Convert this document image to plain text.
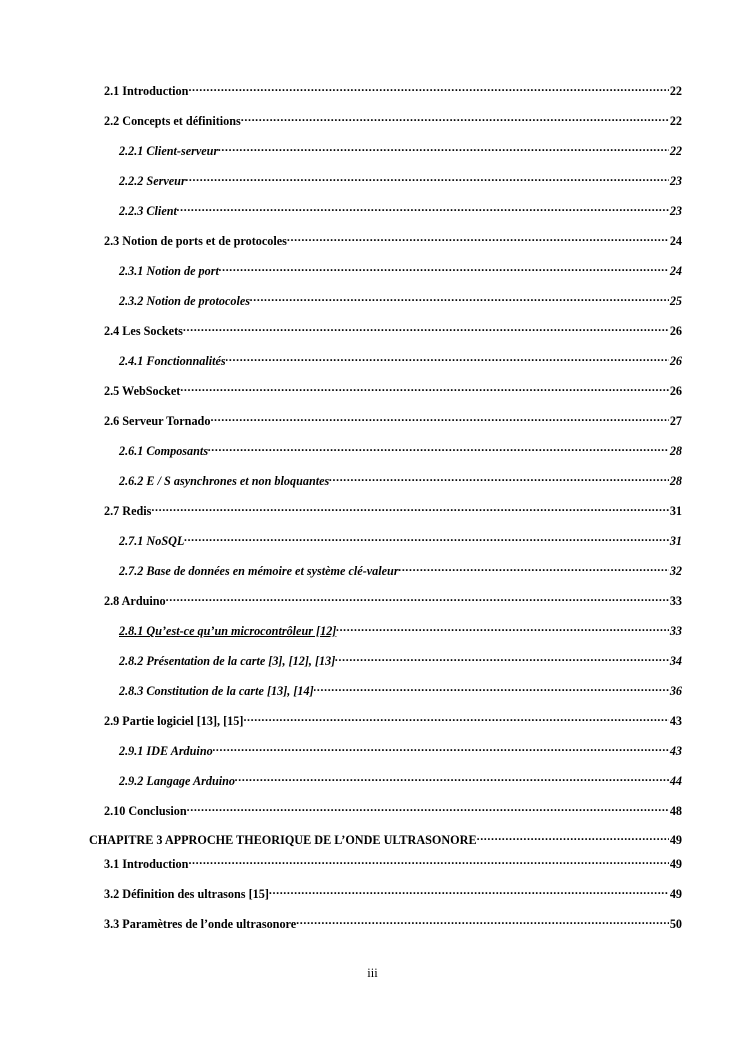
2.1 Introduction .....	22
2.2 Concepts et définitions .....	22
2.2.1 Client-serveur .....	22
2.2.2 Serveur .....	23
2.2.3 Client .....	23
2.3 Notion de ports et de protocoles .....	24
2.3.1 Notion de port .....	24
2.3.2 Notion de protocoles .....	25
2.4 Les Sockets .....	26
2.4.1 Fonctionnalités .....	26
2.5 WebSocket .....	26
2.6 Serveur Tornado .....	27
2.6.1 Composants .....	28
2.6.2 E / S asynchrones et non bloquantes .....	28
2.7 Redis .....	31
2.7.1 NoSQL .....	31
2.7.2 Base de données en mémoire et système clé-valeur .....	32
2.8 Arduino .....	33
2.8.1 Qu’est-ce qu’un microcontrôleur [12] .....	33
2.8.2 Présentation de la carte [3], [12], [13] .....	34
2.8.3 Constitution de la carte [13], [14] .....	36
2.9 Partie logiciel [13], [15] .....	43
2.9.1 IDE Arduino .....	43
2.9.2 Langage Arduino .....	44
2.10 Conclusion .....	48
CHAPITRE 3 APPROCHE THEORIQUE DE L’ONDE ULTRASONORE .....	49
3.1 Introduction .....	49
3.2 Définition des ultrasons [15] .....	49
3.3 Paramètres de l’onde ultrasonore .....	50
iii
